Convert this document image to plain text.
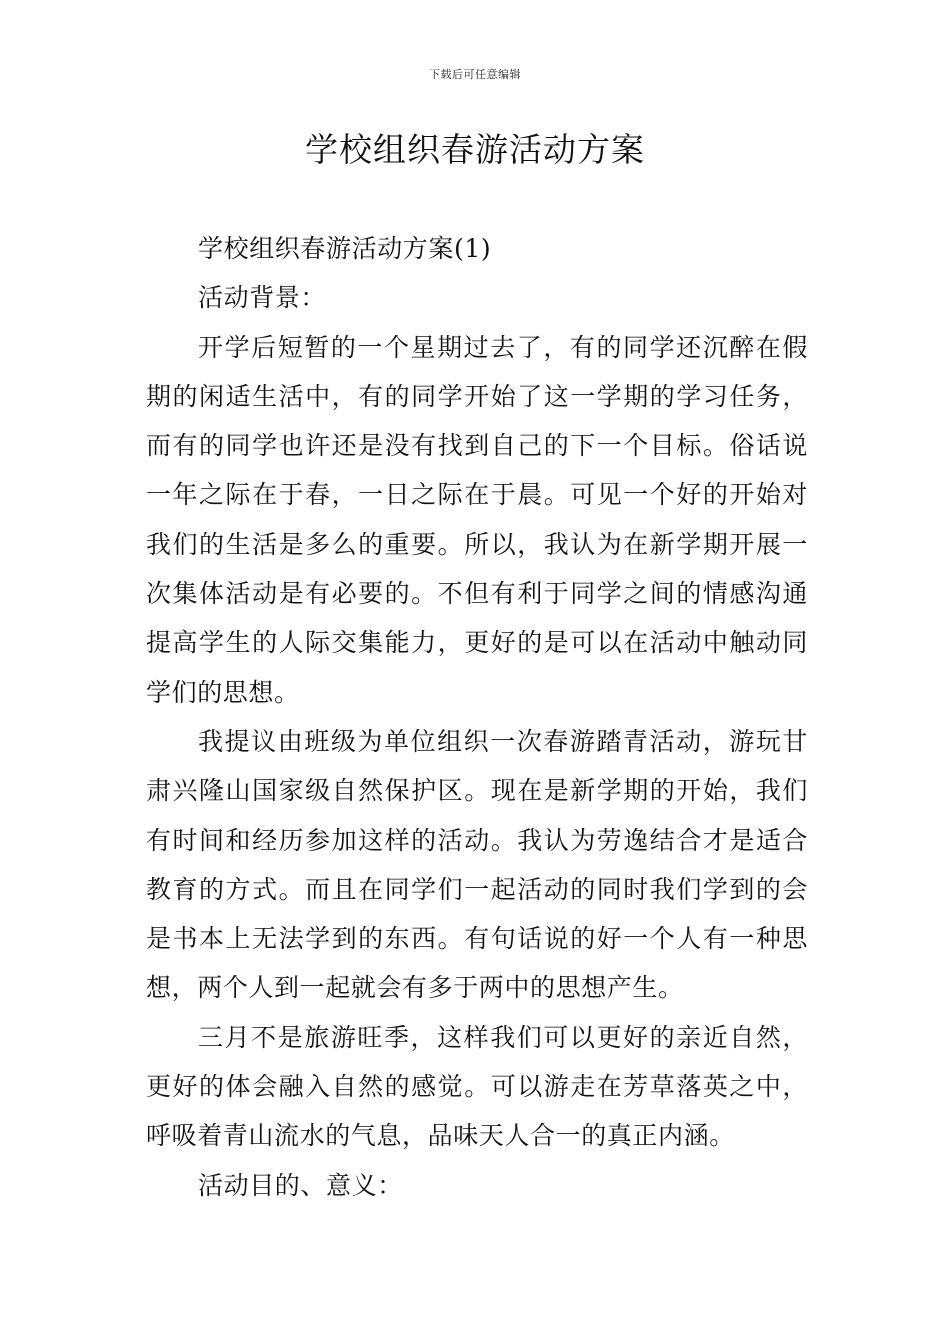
下载后可任意编辑
学校组织春游活动方案

学校组织春游活动方案(1)

活动背景：

开学后短暂的一个星期过去了，有的同学还沉醉在假期的闲适生活中，有的同学开始了这一学期的学习任务，而有的同学也许还是没有找到自己的下一个目标。俗话说一年之际在于春，一日之际在于晨。可见一个好的开始对我们的生活是多么的重要。所以，我认为在新学期开展一次集体活动是有必要的。不但有利于同学之间的情感沟通提高学生的人际交集能力，更好的是可以在活动中触动同学们的思想。

我提议由班级为单位组织一次春游踏青活动，游玩甘肃兴隆山国家级自然保护区。现在是新学期的开始，我们有时间和经历参加这样的活动。我认为劳逸结合才是适合教育的方式。而且在同学们一起活动的同时我们学到的会是书本上无法学到的东西。有句话说的好一个人有一种思想，两个人到一起就会有多于两中的思想产生。

三月不是旅游旺季，这样我们可以更好的亲近自然，更好的体会融入自然的感觉。可以游走在芳草落英之中，呼吸着青山流水的气息，品味天人合一的真正内涵。

活动目的、意义：
